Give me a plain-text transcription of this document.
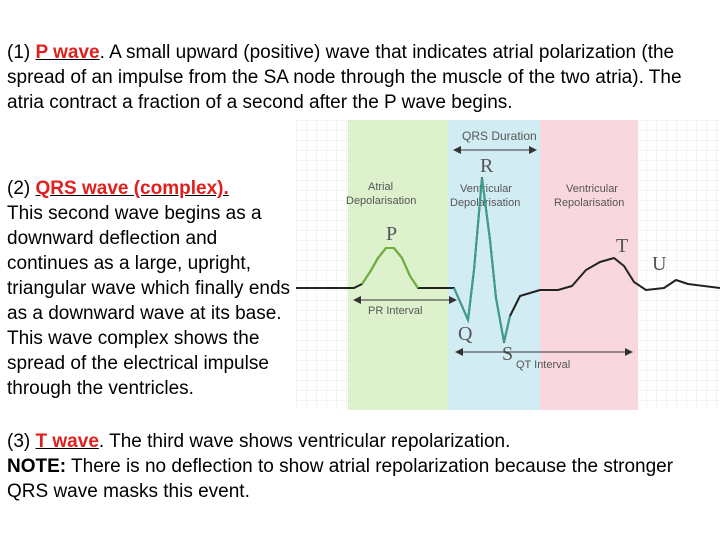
(1) P wave. A small upward (positive) wave that indicates atrial polarization (the spread of an impulse from the SA node through the muscle of the two atria). The atria contract a fraction of a second after the P wave begins.
(2) QRS wave (complex).
This second wave begins as a downward deflection and continues as a large, upright, triangular wave which finally ends as a downward wave at its base. This wave complex shows the spread of the electrical impulse through the ventricles.
(3) T wave. The third wave shows ventricular repolarization.
NOTE: There is no deflection to show atrial repolarization because the stronger QRS wave masks this event.
QRS Duration
Atrial
Depolarisation
Ventricular
Depolarisation
Ventricular
Repolarisation
P
R
Q
S
T
U
PR Interval
QT Interval
